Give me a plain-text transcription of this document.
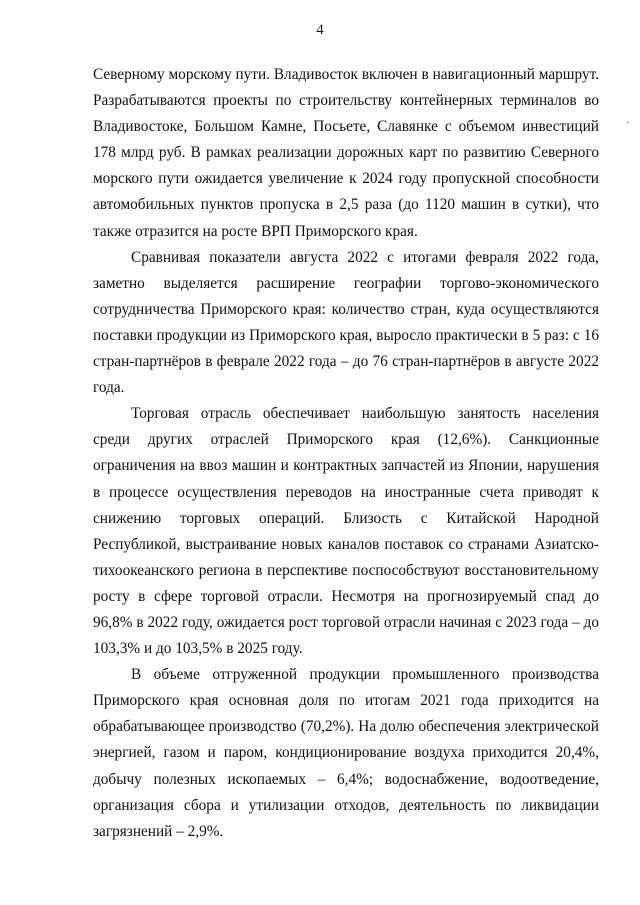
4
·

Северному морскому пути. Владивосток включен в навигационный маршрут. Разрабатываются проекты по строительству контейнерных терминалов во Владивостоке, Большом Камне, Посьете, Славянке с объемом инвестиций 178 млрд руб. В рамках реализации дорожных карт по развитию Северного морского пути ожидается увеличение к 2024 году пропускной способности автомобильных пунктов пропуска в 2,5 раза (до 1120 машин в сутки), что также отразится на росте ВРП Приморского края.

Сравнивая показатели августа 2022 с итогами февраля 2022 года, заметно выделяется расширение географии торгово-экономического сотрудничества Приморского края: количество стран, куда осуществляются поставки продукции из Приморского края, выросло практически в 5 раз: с 16 стран-партнёров в феврале 2022 года – до 76 стран-партнёров в августе 2022 года.

Торговая отрасль обеспечивает наибольшую занятость населения среди других отраслей Приморского края (12,6%). Санкционные ограничения на ввоз машин и контрактных запчастей из Японии, нарушения в процессе осуществления переводов на иностранные счета приводят к снижению торговых операций. Близость с Китайской Народной Республикой, выстраивание новых каналов поставок со странами Азиатско-тихоокеанского региона в перспективе поспособствуют восстановительному росту в сфере торговой отрасли. Несмотря на прогнозируемый спад до 96,8% в 2022 году, ожидается рост торговой отрасли начиная с 2023 года – до 103,3% и до 103,5% в 2025 году.

В объеме отгруженной продукции промышленного производства Приморского края основная доля по итогам 2021 года приходится на обрабатывающее производство (70,2%). На долю обеспечения электрической энергией, газом и паром, кондиционирование воздуха приходится 20,4%, добычу полезных ископаемых – 6,4%; водоснабжение, водоотведение, организация сбора и утилизации отходов, деятельность по ликвидации загрязнений – 2,9%.
